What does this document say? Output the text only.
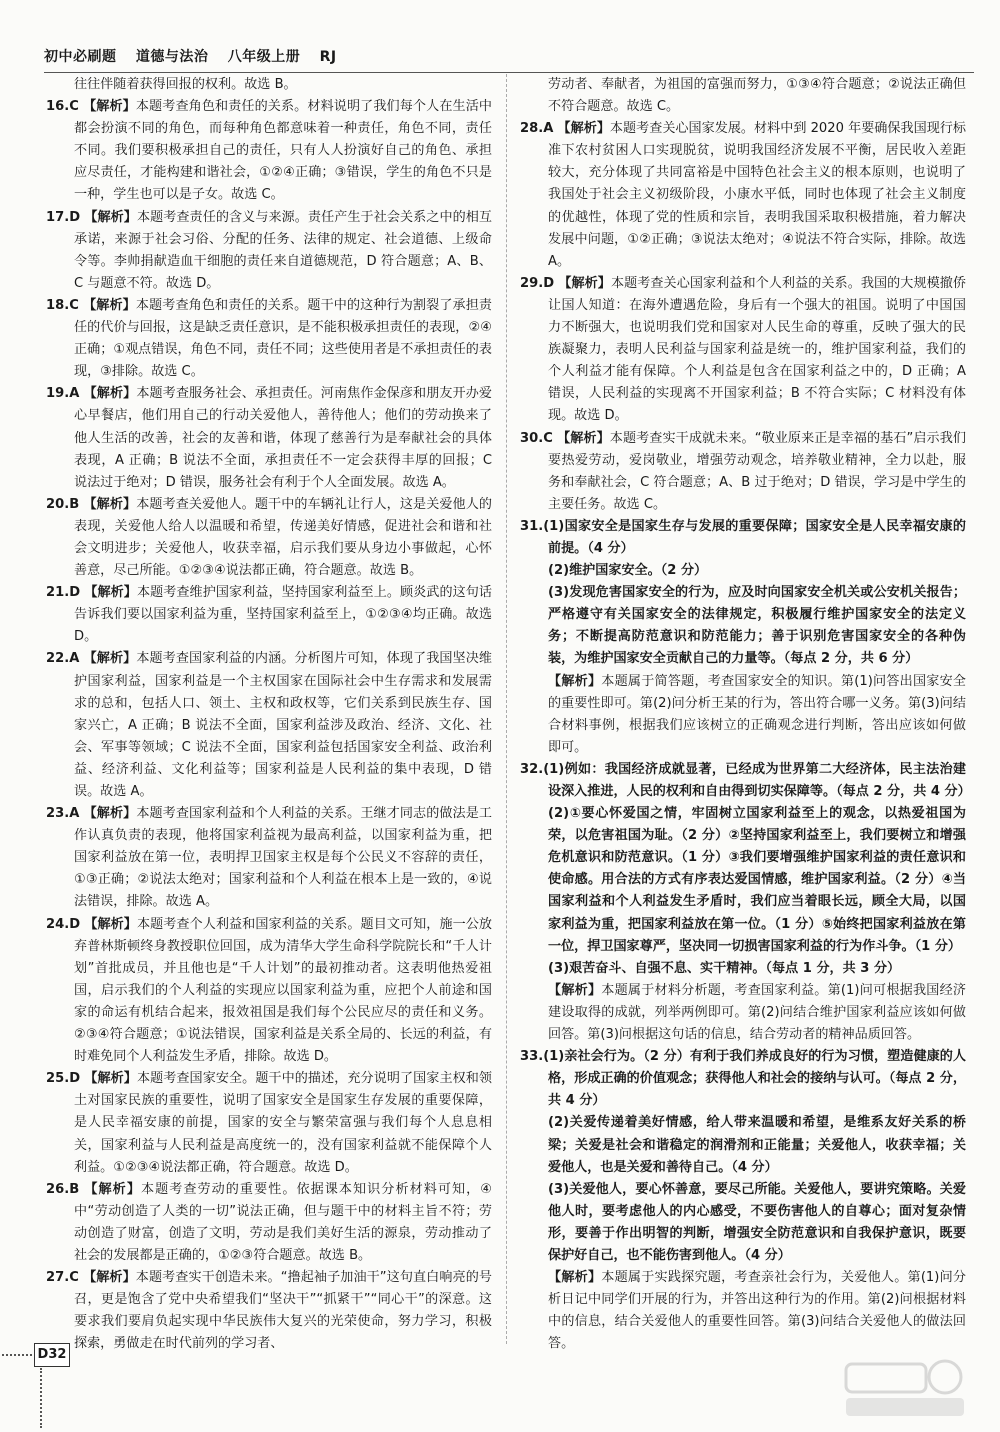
初中必刷题 道德与法治 八年级上册 RJ

往往伴随着获得回报的权利。故选 B。

16.C 【解析】本题考查角色和责任的关系。材料说明了我们每个人在生活中都会扮演不同的角色，而每种角色都意味着一种责任，角色不同，责任不同。我们要积极承担自己的责任，只有人人扮演好自己的角色、承担应尽责任，才能构建和谐社会，①②④正确；③错误，学生的角色不只是一种，学生也可以是子女。故选 C。

17.D 【解析】本题考查责任的含义与来源。责任产生于社会关系之中的相互承诺，来源于社会习俗、分配的任务、法律的规定、社会道德、上级命令等。李帅捐献造血干细胞的责任来自道德规范，D 符合题意；A、B、C 与题意不符。故选 D。

18.C 【解析】本题考查角色和责任的关系。题干中的这种行为割裂了承担责任的代价与回报，这是缺乏责任意识，是不能积极承担责任的表现，②④正确；①观点错误，角色不同，责任不同；这些使用者是不承担责任的表现，③排除。故选 C。

19.A 【解析】本题考查服务社会、承担责任。河南焦作金保彦和朋友开办爱心早餐店，他们用自己的行动关爱他人，善待他人；他们的劳动换来了他人生活的改善，社会的友善和谐，体现了慈善行为是奉献社会的具体表现，A 正确；B 说法不全面，承担责任不一定会获得丰厚的回报；C 说法过于绝对；D 错误，服务社会有利于个人全面发展。故选 A。

20.B 【解析】本题考查关爱他人。题干中的车辆礼让行人，这是关爱他人的表现，关爱他人给人以温暖和希望，传递美好情感，促进社会和谐和社会文明进步；关爱他人，收获幸福，启示我们要从身边小事做起，心怀善意，尽己所能。①②③④说法都正确，符合题意。故选 B。

21.D 【解析】本题考查维护国家利益，坚持国家利益至上。顾炎武的这句话告诉我们要以国家利益为重，坚持国家利益至上，①②③④均正确。故选 D。

22.A 【解析】本题考查国家利益的内涵。分析图片可知，体现了我国坚决维护国家利益，国家利益是一个主权国家在国际社会中生存需求和发展需求的总和，包括人口、领土、主权和政权等，它们关系到民族生存、国家兴亡，A 正确；B 说法不全面，国家利益涉及政治、经济、文化、社会、军事等领域；C 说法不全面，国家利益包括国家安全利益、政治利益、经济利益、文化利益等；国家利益是人民利益的集中表现，D 错误。故选 A。

23.A 【解析】本题考查国家利益和个人利益的关系。王继才同志的做法是工作认真负责的表现，他将国家利益视为最高利益，以国家利益为重，把国家利益放在第一位，表明捍卫国家主权是每个公民义不容辞的责任，①③正确；②说法太绝对；国家利益和个人利益在根本上是一致的，④说法错误，排除。故选 A。

24.D 【解析】本题考查个人利益和国家利益的关系。题目文可知，施一公放弃普林斯顿终身教授职位回国，成为清华大学生命科学院院长和“千人计划”首批成员，并且他也是“千人计划”的最初推动者。这表明他热爱祖国，启示我们的个人利益的实现应以国家利益为重，应把个人前途和国家的命运有机结合起来，报效祖国是我们每个公民应尽的责任和义务。②③④符合题意；①说法错误，国家利益是关系全局的、长远的利益，有时难免同个人利益发生矛盾，排除。故选 D。

25.D 【解析】本题考查国家安全。题干中的描述，充分说明了国家主权和领土对国家民族的重要性，说明了国家安全是国家生存发展的重要保障，是人民幸福安康的前提，国家的安全与繁荣富强与我们每个人息息相关，国家利益与人民利益是高度统一的，没有国家利益就不能保障个人利益。①②③④说法都正确，符合题意。故选 D。

26.B 【解析】本题考查劳动的重要性。依据课本知识分析材料可知，④中“劳动创造了人类的一切”说法正确，但与题干中的材料主旨不符；劳动创造了财富，创造了文明，劳动是我们美好生活的源泉，劳动推动了社会的发展都是正确的，①②③符合题意。故选 B。

27.C 【解析】本题考查实干创造未来。“撸起袖子加油干”这句直白响亮的号召，更是饱含了党中央希望我们“坚决干”“抓紧干”“同心干”的深意。这要求我们要肩负起实现中华民族伟大复兴的光荣使命，努力学习，积极探索，勇做走在时代前列的学习者、

劳动者、奉献者，为祖国的富强而努力，①③④符合题意；②说法正确但不符合题意。故选 C。

28.A 【解析】本题考查关心国家发展。材料中到 2020 年要确保我国现行标准下农村贫困人口实现脱贫，说明我国经济发展不平衡，居民收入差距较大，充分体现了共同富裕是中国特色社会主义的根本原则，也说明了我国处于社会主义初级阶段，小康水平低，同时也体现了社会主义制度的优越性，体现了党的性质和宗旨，表明我国采取积极措施，着力解决发展中问题，①②正确；③说法太绝对；④说法不符合实际，排除。故选 A。

29.D 【解析】本题考查关心国家利益和个人利益的关系。我国的大规模撤侨让国人知道：在海外遭遇危险，身后有一个强大的祖国。说明了中国国力不断强大，也说明我们党和国家对人民生命的尊重，反映了强大的民族凝聚力，表明人民利益与国家利益是统一的，维护国家利益，我们的个人利益才能有保障。个人利益是包含在国家利益之中的，D 正确；A 错误，人民利益的实现离不开国家利益；B 不符合实际；C 材料没有体现。故选 D。

30.C 【解析】本题考查实干成就未来。“敬业原来正是幸福的基石”启示我们要热爱劳动，爱岗敬业，增强劳动观念，培养敬业精神，全力以赴，服务和奉献社会，C 符合题意；A、B 过于绝对；D 错误，学习是中学生的主要任务。故选 C。

31.(1)国家安全是国家生存与发展的重要保障；国家安全是人民幸福安康的前提。（4 分）

(2)维护国家安全。（2 分）

(3)发现危害国家安全的行为，应及时向国家安全机关或公安机关报告；严格遵守有关国家安全的法律规定，积极履行维护国家安全的法定义务；不断提高防范意识和防范能力；善于识别危害国家安全的各种伪装，为维护国家安全贡献自己的力量等。（每点 2 分，共 6 分）

【解析】本题属于简答题，考查国家安全的知识。第(1)问答出国家安全的重要性即可。第(2)问分析王某的行为，答出符合哪一义务。第(3)问结合材料事例，根据我们应该树立的正确观念进行判断，答出应该如何做即可。

32.(1)例如：我国经济成就显著，已经成为世界第二大经济体，民主法治建设深入推进，人民的权利和自由得到切实保障等。（每点 2 分，共 4 分）

(2)①要心怀爱国之情，牢固树立国家利益至上的观念，以热爱祖国为荣，以危害祖国为耻。（2 分）②坚持国家利益至上，我们要树立和增强危机意识和防范意识。（1 分）③我们要增强维护国家利益的责任意识和使命感。用合法的方式有序表达爱国情感，维护国家利益。（2 分）④当国家利益和个人利益发生矛盾时，我们应当着眼长远，顾全大局，以国家利益为重，把国家利益放在第一位。（1 分）⑤始终把国家利益放在第一位，捍卫国家尊严，坚决同一切损害国家利益的行为作斗争。（1 分）

(3)艰苦奋斗、自强不息、实干精神。（每点 1 分，共 3 分）

【解析】本题属于材料分析题，考查国家利益。第(1)问可根据我国经济建设取得的成就，列举两例即可。第(2)问结合维护国家利益应该如何做回答。第(3)问根据这句话的信息，结合劳动者的精神品质回答。

33.(1)亲社会行为。（2 分）有利于我们养成良好的行为习惯，塑造健康的人格，形成正确的价值观念；获得他人和社会的接纳与认可。（每点 2 分，共 4 分）

(2)关爱传递着美好情感，给人带来温暖和希望，是维系友好关系的桥梁；关爱是社会和谐稳定的润滑剂和正能量；关爱他人，收获幸福；关爱他人，也是关爱和善待自己。（4 分）

(3)关爱他人，要心怀善意，要尽己所能。关爱他人，要讲究策略。关爱他人时，要考虑他人的内心感受，不要伤害他人的自尊心；面对复杂情形，要善于作出明智的判断，增强安全防范意识和自我保护意识，既要保护好自己，也不能伤害到他人。（4 分）

【解析】本题属于实践探究题，考查亲社会行为，关爱他人。第(1)问分析日记中同学们开展的行为，并答出这种行为的作用。第(2)问根据材料中的信息，结合关爱他人的重要性回答。第(3)问结合关爱他人的做法回答。

D32
